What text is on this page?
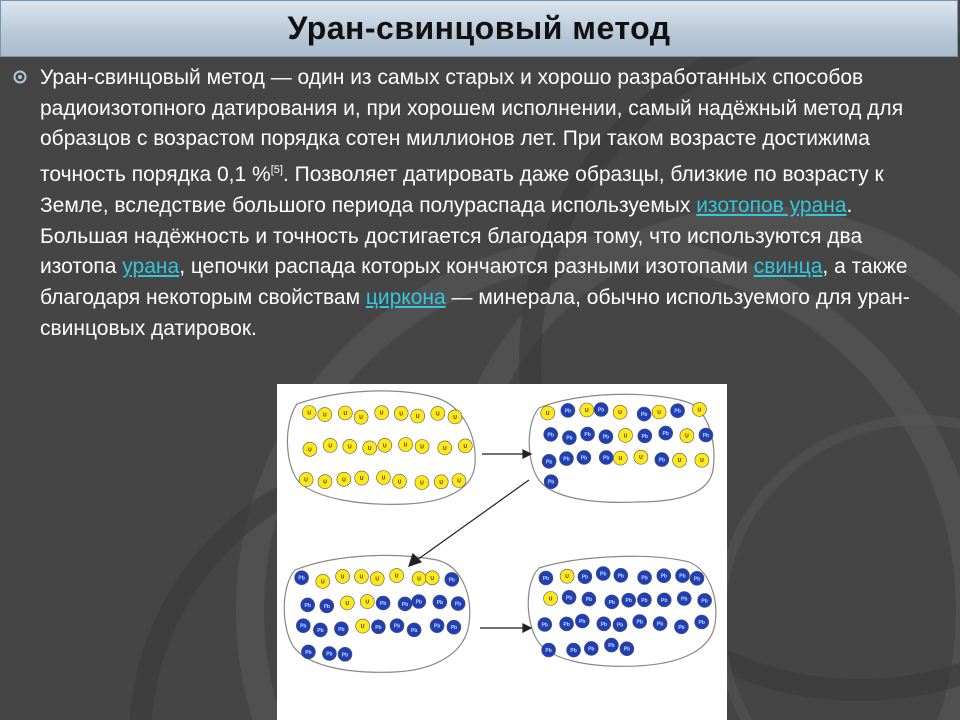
Уран-свинцовый метод
Уран-свинцовый метод — один из самых старых и хорошо разработанных способов радиоизотопного датирования и, при хорошем исполнении, самый надёжный метод для образцов с возрастом порядка сотен миллионов лет. При таком возрасте достижима точность порядка 0,1 %[5]. Позволяет датировать даже образцы, близкие по возрасту к Земле, вследствие большого периода полураспада используемых изотопов урана. Большая надёжность и точность достигается благодаря тому, что используются два изотопа урана, цепочки распада которых кончаются разными изотопами свинца, а также благодаря некоторым свойствам циркона — минерала, обычно используемого для уран-свинцовых датировок.
U U	U
U
U	U	U	U
U
U
U	U	U U	U	U	U	U
U	U	U	U	U
U	U	U	U
U	Pb	U Pb	U	Pb U	Pb	U
Pb
Pb
Pb Pb	U	Pb	Pb	U	Pb
Pb Pb Pb	Pb U	U	Pb	U	U
Pb
Pb
U
U	U U
U	U U	Pb
Pb	Pb	U	U Pb	Pb Pb	Pb Pb
Pb
Pb	Pb	U Pb Pb
Pb
Pb Pb
Pb	Pb Pb
Pb	U	Pb
Pb Pb	Pb	Pb Pb Pb
U	Pb	Pb	Pb Pb Pb	Pb	Pb	Pb
Pb	Pb Pb	Pb Pb
Pb	Pb
Pb
Pb
Pb	Pb Pb
Pb
Pb
